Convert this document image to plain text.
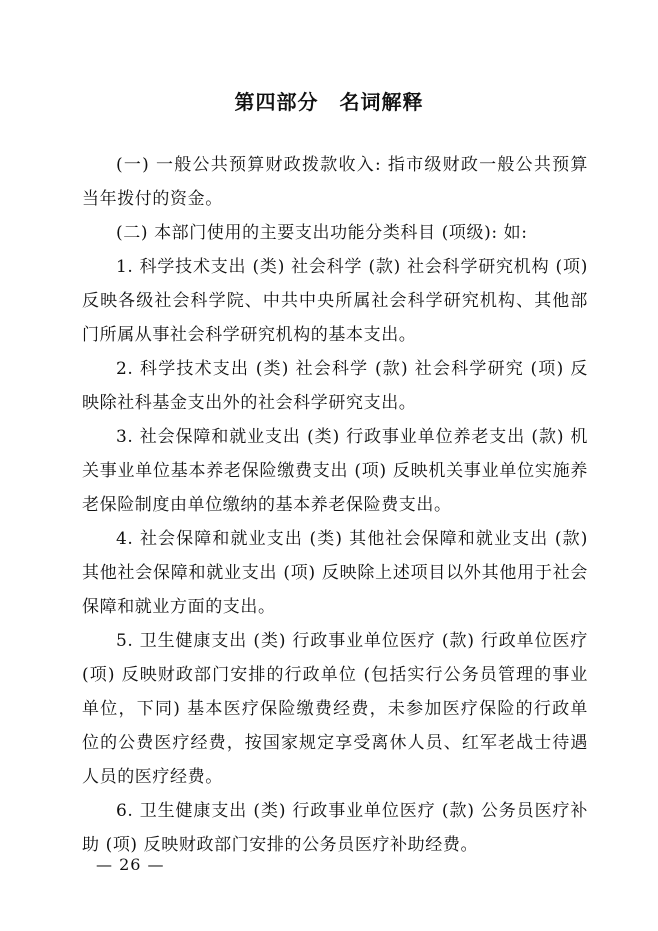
第四部分　名词解释

(一) 一般公共预算财政拨款收入: 指市级财政一般公共预算当年拨付的资金。

(二) 本部门使用的主要支出功能分类科目 (项级): 如:

1. 科学技术支出 (类) 社会科学 (款) 社会科学研究机构 (项) 反映各级社会科学院、中共中央所属社会科学研究机构、其他部门所属从事社会科学研究机构的基本支出。

2. 科学技术支出 (类) 社会科学 (款) 社会科学研究 (项) 反映除社科基金支出外的社会科学研究支出。

3. 社会保障和就业支出 (类) 行政事业单位养老支出 (款) 机关事业单位基本养老保险缴费支出 (项) 反映机关事业单位实施养老保险制度由单位缴纳的基本养老保险费支出。

4. 社会保障和就业支出 (类) 其他社会保障和就业支出 (款) 其他社会保障和就业支出 (项) 反映除上述项目以外其他用于社会保障和就业方面的支出。

5. 卫生健康支出 (类) 行政事业单位医疗 (款) 行政单位医疗 (项) 反映财政部门安排的行政单位 (包括实行公务员管理的事业单位，下同) 基本医疗保险缴费经费，未参加医疗保险的行政单位的公费医疗经费，按国家规定享受离休人员、红军老战士待遇人员的医疗经费。

6. 卫生健康支出 (类) 行政事业单位医疗 (款) 公务员医疗补助 (项) 反映财政部门安排的公务员医疗补助经费。

— 26 —
